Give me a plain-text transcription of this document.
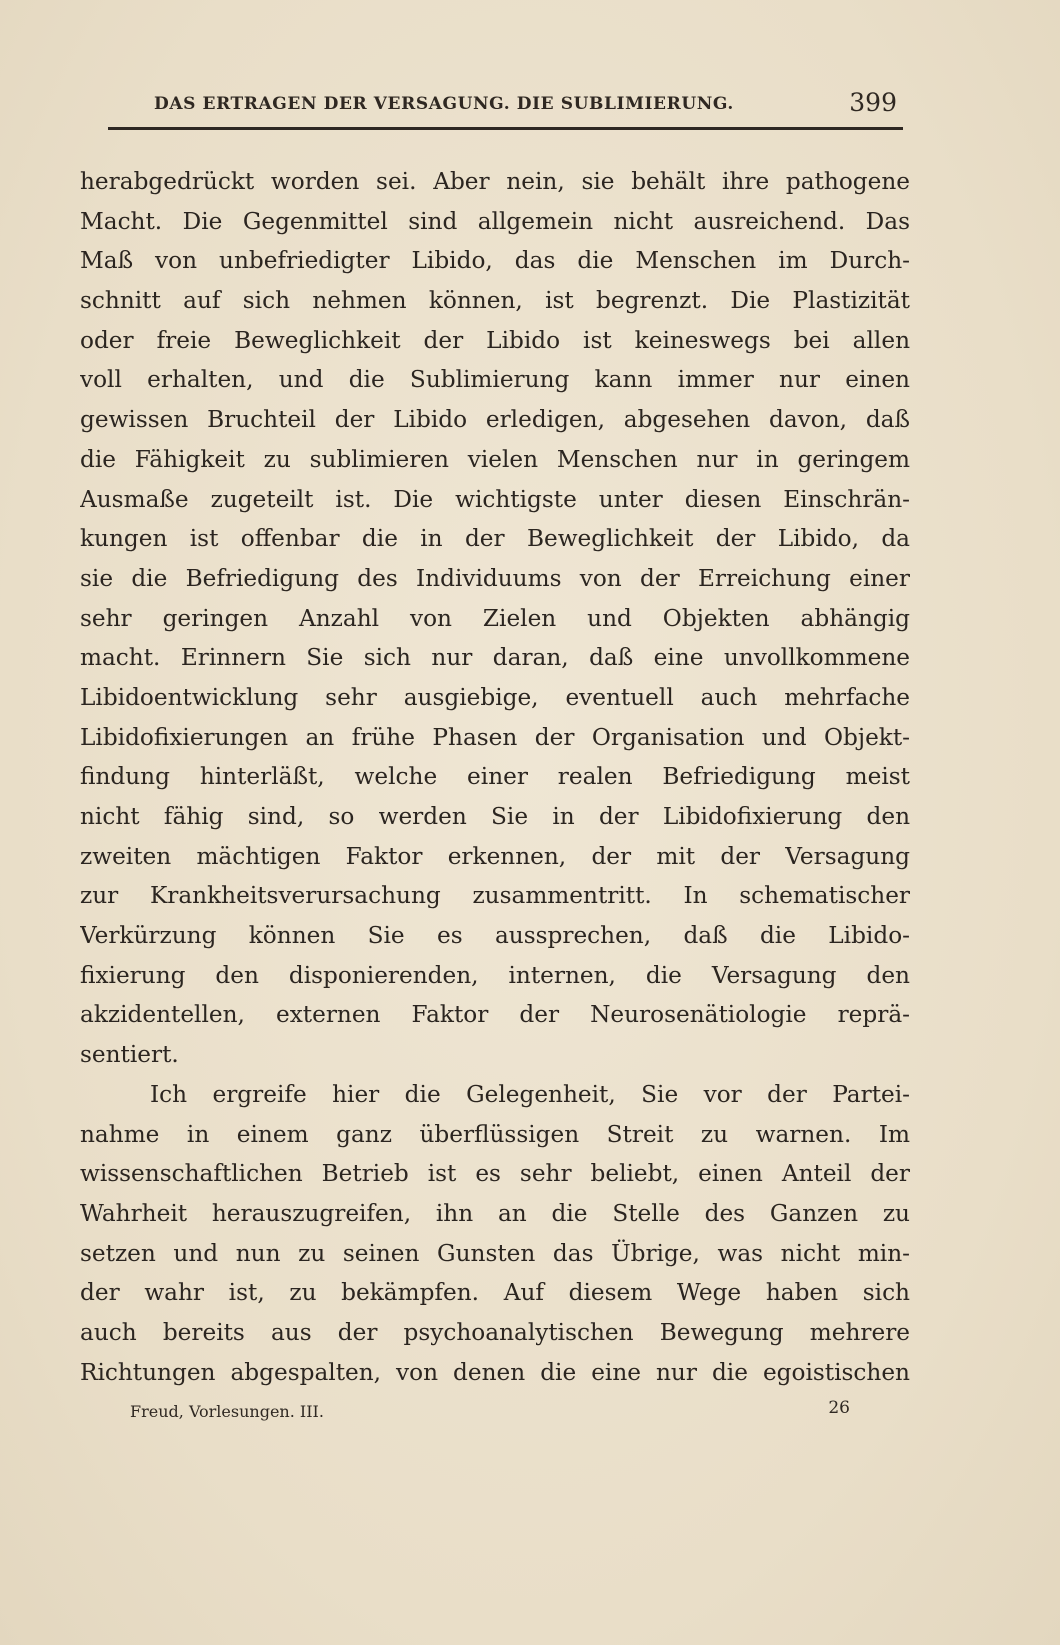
DAS ERTRAGEN DER VERSAGUNG. DIE SUBLIMIERUNG.	399
herabgedrückt worden sei. Aber nein, sie behält ihre pathogene
Macht. Die Gegenmittel sind allgemein nicht ausreichend. Das
Maß von unbefriedigter Libido, das die Menschen im Durch-
schnitt auf sich nehmen können, ist begrenzt. Die Plastizität
oder freie Beweglichkeit der Libido ist keineswegs bei allen
voll erhalten, und die Sublimierung kann immer nur einen
gewissen Bruchteil der Libido erledigen, abgesehen davon, daß
die Fähigkeit zu sublimieren vielen Menschen nur in geringem
Ausmaße zugeteilt ist. Die wichtigste unter diesen Einschrän-
kungen ist offenbar die in der Beweglichkeit der Libido, da
sie die Befriedigung des Individuums von der Erreichung einer
sehr geringen Anzahl von Zielen und Objekten abhängig
macht. Erinnern Sie sich nur daran, daß eine unvollkommene
Libidoentwicklung sehr ausgiebige, eventuell auch mehrfache
Libidofixierungen an frühe Phasen der Organisation und Objekt-
findung hinterläßt, welche einer realen Befriedigung meist
nicht fähig sind, so werden Sie in der Libidofixierung den
zweiten mächtigen Faktor erkennen, der mit der Versagung
zur Krankheitsverursachung zusammentritt. In schematischer
Verkürzung können Sie es aussprechen, daß die Libido-
fixierung den disponierenden, internen, die Versagung den
akzidentellen, externen Faktor der Neurosenätiologie reprä-
sentiert.
Ich ergreife hier die Gelegenheit, Sie vor der Partei-
nahme in einem ganz überflüssigen Streit zu warnen. Im
wissenschaftlichen Betrieb ist es sehr beliebt, einen Anteil der
Wahrheit herauszugreifen, ihn an die Stelle des Ganzen zu
setzen und nun zu seinen Gunsten das Übrige, was nicht min-
der wahr ist, zu bekämpfen. Auf diesem Wege haben sich
auch bereits aus der psychoanalytischen Bewegung mehrere
Richtungen abgespalten, von denen die eine nur die egoistischen
Freud, Vorlesungen. III.	26
